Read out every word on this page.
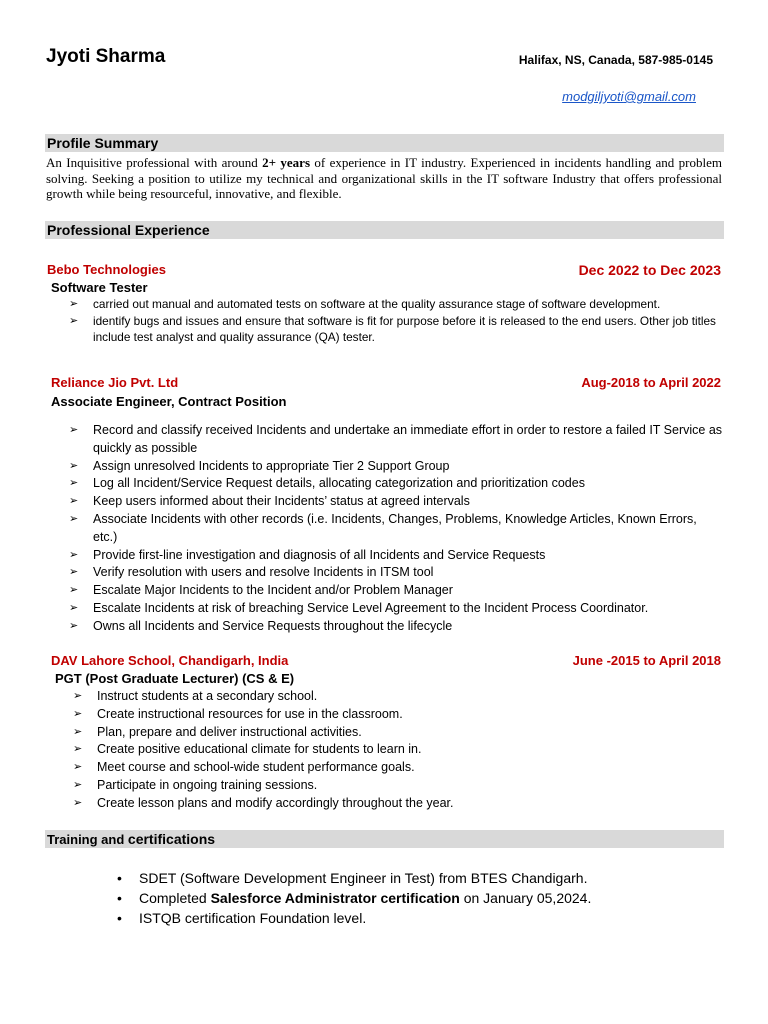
Jyoti Sharma	Halifax, NS, Canada, 587-985-0145
modgiljyoti@gmail.com
Profile Summary
An Inquisitive professional with around 2+ years of experience in IT industry. Experienced in incidents handling and problem solving. Seeking a position to utilize my technical and organizational skills in the IT software Industry that offers professional growth while being resourceful, innovative, and flexible.
Professional Experience
Bebo Technologies	Dec 2022 to Dec 2023
Software Tester
➢ carried out manual and automated tests on software at the quality assurance stage of software development.
➢ identify bugs and issues and ensure that software is fit for purpose before it is released to the end users. Other job titles include test analyst and quality assurance (QA) tester.
Reliance Jio Pvt. Ltd	Aug-2018 to April 2022
Associate Engineer, Contract Position
➢ Record and classify received Incidents and undertake an immediate effort in order to restore a failed IT Service as quickly as possible
➢ Assign unresolved Incidents to appropriate Tier 2 Support Group
➢ Log all Incident/Service Request details, allocating categorization and prioritization codes
➢ Keep users informed about their Incidents’ status at agreed intervals
➢ Associate Incidents with other records (i.e. Incidents, Changes, Problems, Knowledge Articles, Known Errors, etc.)
➢ Provide first-line investigation and diagnosis of all Incidents and Service Requests
➢ Verify resolution with users and resolve Incidents in ITSM tool
➢ Escalate Major Incidents to the Incident and/or Problem Manager
➢ Escalate Incidents at risk of breaching Service Level Agreement to the Incident Process Coordinator.
➢ Owns all Incidents and Service Requests throughout the lifecycle
DAV Lahore School, Chandigarh, India	June -2015 to April 2018
PGT (Post Graduate Lecturer) (CS & E)
➢ Instruct students at a secondary school.
➢ Create instructional resources for use in the classroom.
➢ Plan, prepare and deliver instructional activities.
➢ Create positive educational climate for students to learn in.
➢ Meet course and school-wide student performance goals.
➢ Participate in ongoing training sessions.
➢ Create lesson plans and modify accordingly throughout the year.
Training and certifications
• SDET (Software Development Engineer in Test) from BTES Chandigarh.
• Completed Salesforce Administrator certification on January 05,2024.
• ISTQB certification Foundation level.
